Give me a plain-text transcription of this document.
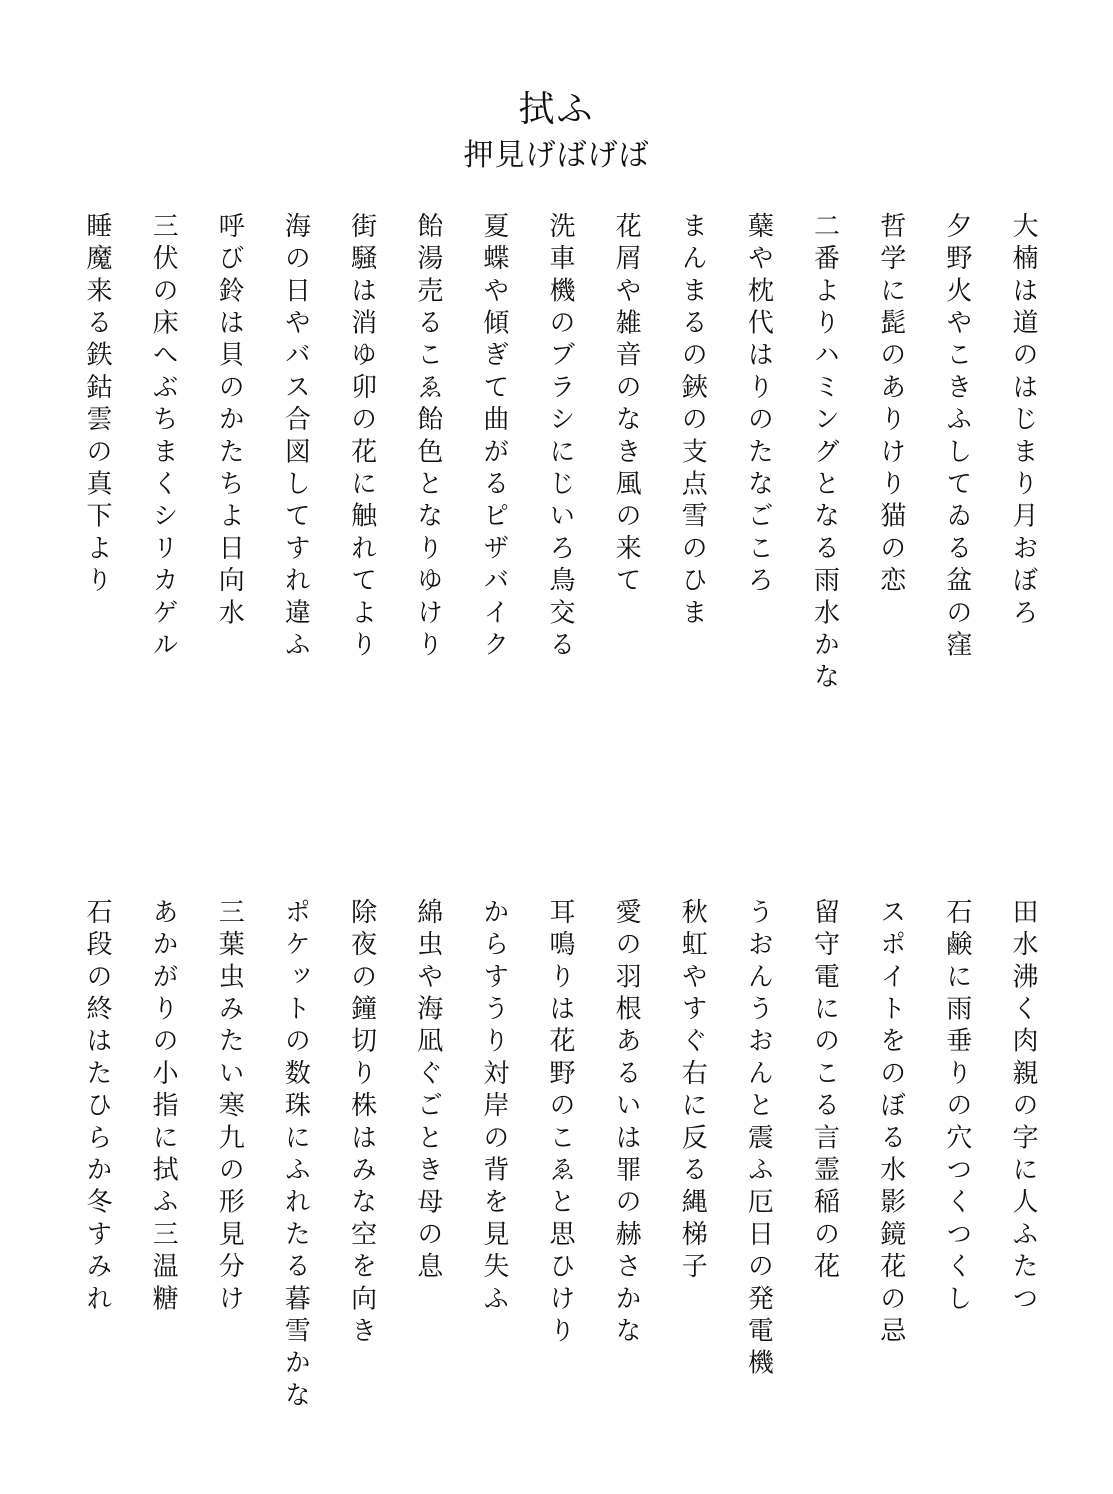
拭ふ
押見げばげば
大楠は道のはじまり月おぼろ
夕野火やこきふしてゐる盆の窪
哲学に髭のありけり猫の恋
二番よりハミングとなる雨水かな
蘖や枕代はりのたなごころ
まんまるの鋏の支点雪のひま
花屑や雑音のなき風の来て
洗車機のブラシにじいろ鳥交る
夏蝶や傾ぎて曲がるピザバイク
飴湯売るこゑ飴色となりゆけり
街騒は消ゆ卯の花に触れてより
海の日やバス合図してすれ違ふ
呼び鈴は貝のかたちよ日向水
三伏の床へぶちまくシリカゲル
睡魔来る鉄鈷雲の真下より
田水沸く肉親の字に人ふたつ
石鹸に雨垂りの穴つくつくし
スポイトをのぼる水影鏡花の忌
留守電にのこる言霊稲の花
うおんうおんと震ふ厄日の発電機
秋虹やすぐ右に反る縄梯子
愛の羽根あるいは罪の赫さかな
耳鳴りは花野のこゑと思ひけり
からすうり対岸の背を見失ふ
綿虫や海凪ぐごとき母の息
除夜の鐘切り株はみな空を向き
ポケットの数珠にふれたる暮雪かな
三葉虫みたい寒九の形見分け
あかがりの小指に拭ふ三温糖
石段の終はたひらか冬すみれ
